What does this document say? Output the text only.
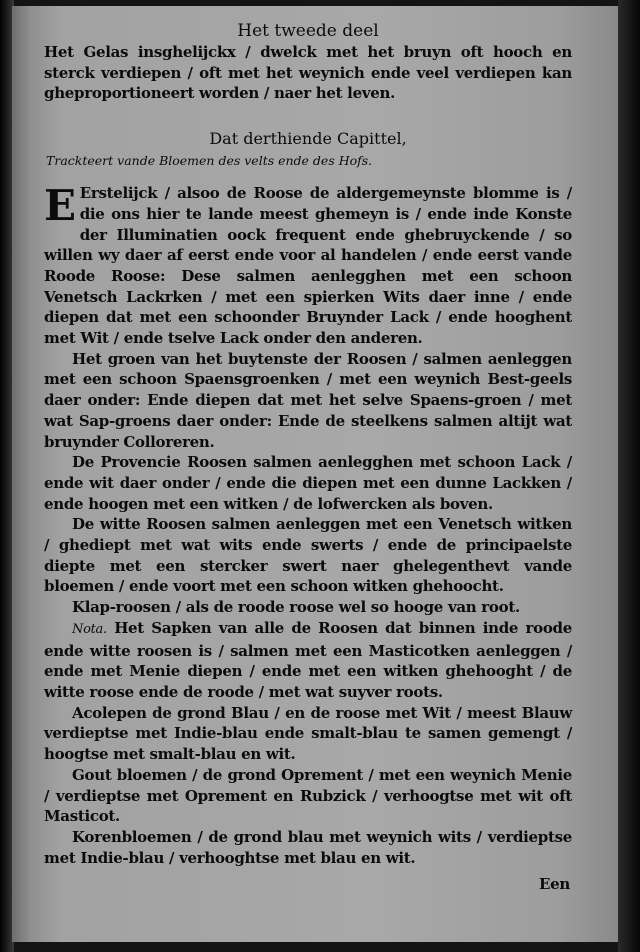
Het tweede deel

Het Gelas insghelijckx / dwelck met het bruyn oft hooch en sterck verdiepen / oft met het weynich ende veel verdiepen kan gheproportioneert worden / naer het leven.

Dat derthiende Capittel,
Trackteert vande Bloemen des velts ende des Hofs.

E Erstelijck / alsoo de Roose de aldergemeynste blomme is / die ons hier te lande meest ghemeyn is / ende inde Konste der Illuminatien oock frequent ende ghebruyckende / so willen wy daer af eerst ende voor al handelen / ende eerst vande Roode Roose: Dese salmen aenlegghen met een schoon Venetsch Lackrken / met een spierken Wits daer inne / ende diepen dat met een schoonder Bruynder Lack / ende hooghent met Wit / ende tselve Lack onder den anderen.

Het groen van het buytenste der Roosen / salmen aenleggen met een schoon Spaensgroenken / met een weynich Best-geels daer onder: Ende diepen dat met het selve Spaens-groen / met wat Sap-groens daer onder: Ende de steelkens salmen altijt wat bruynder Colloreren.

De Provencie Roosen salmen aenlegghen met schoon Lack / ende wit daer onder / ende die diepen met een dunne Lackken / ende hoogen met een witken / de lofwercken als boven.

De witte Roosen salmen aenleggen met een Venetsch witken / ghediept met wat wits ende swerts / ende de principaelste diepte met een stercker swert naer ghelegenthevt vande bloemen / ende voort met een schoon witken ghehoocht.

Klap-roosen / als de roode roose wel so hooge van root.

Nota. Het Sapken van alle de Roosen dat binnen inde roode ende witte roosen is / salmen met een Masticotken aenleggen / ende met Menie diepen / ende met een witken ghehooght / de witte roose ende de roode / met wat suyver roots.

Acolepen de grond Blau / en de roose met Wit / meest Blauw verdieptse met Indie-blau ende smalt-blau te samen gemengt / hoogtse met smalt-blau en wit.

Gout bloemen / de grond Oprement / met een weynich Menie / verdieptse met Oprement en Rubzick / verhoogtse met wit oft Masticot.

Korenbloemen / de grond blau met weynich wits / verdieptse met Indie-blau / verhooghtse met blau en wit.

Een
